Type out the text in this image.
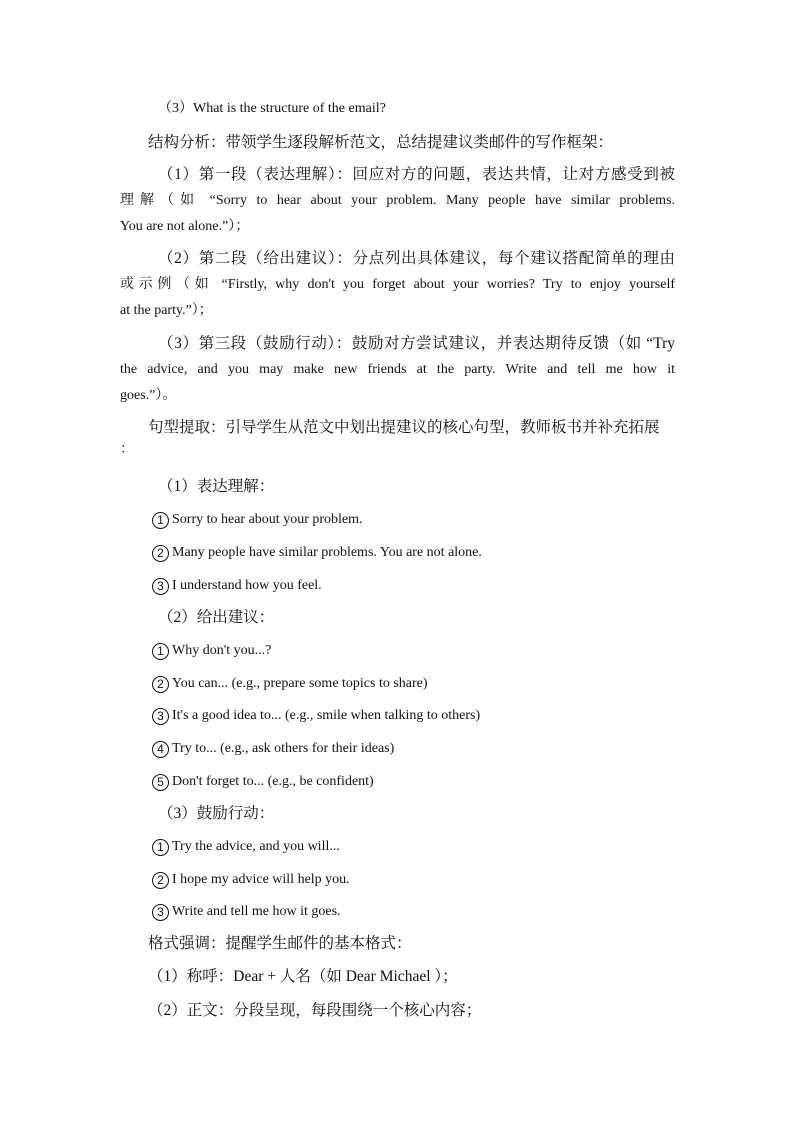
（3）What is the structure of the email?
结构分析：带领学生逐段解析范文，总结提建议类邮件的写作框架：
（1）第一段（表达理解）：回应对方的问题，表达共情，让对方感受到被
理解（如 “Sorry to hear about your problem. Many people have similar problems.
You are not alone.”）；
（2）第二段（给出建议）：分点列出具体建议，每个建议搭配简单的理由
或示例（如 “Firstly, why don't you forget about your worries? Try to enjoy yourself
at the party.”）；
（3）第三段（鼓励行动）：鼓励对方尝试建议，并表达期待反馈（如 “Try
the advice, and you may make new friends at the party. Write and tell me how it
goes.”）。
句型提取：引导学生从范文中划出提建议的核心句型，教师板书并补充拓展
：
（1）表达理解：
1 Sorry to hear about your problem.
2 Many people have similar problems. You are not alone.
3 I understand how you feel.
（2）给出建议：
1 Why don't you...?
2 You can... (e.g., prepare some topics to share)
3 It's a good idea to... (e.g., smile when talking to others)
4 Try to... (e.g., ask others for their ideas)
5 Don't forget to... (e.g., be confident)
（3）鼓励行动：
1 Try the advice, and you will...
2 I hope my advice will help you.
3 Write and tell me how it goes.
格式强调：提醒学生邮件的基本格式：
（1）称呼：Dear + 人名（如 Dear Michael ）；
（2）正文：分段呈现，每段围绕一个核心内容；
